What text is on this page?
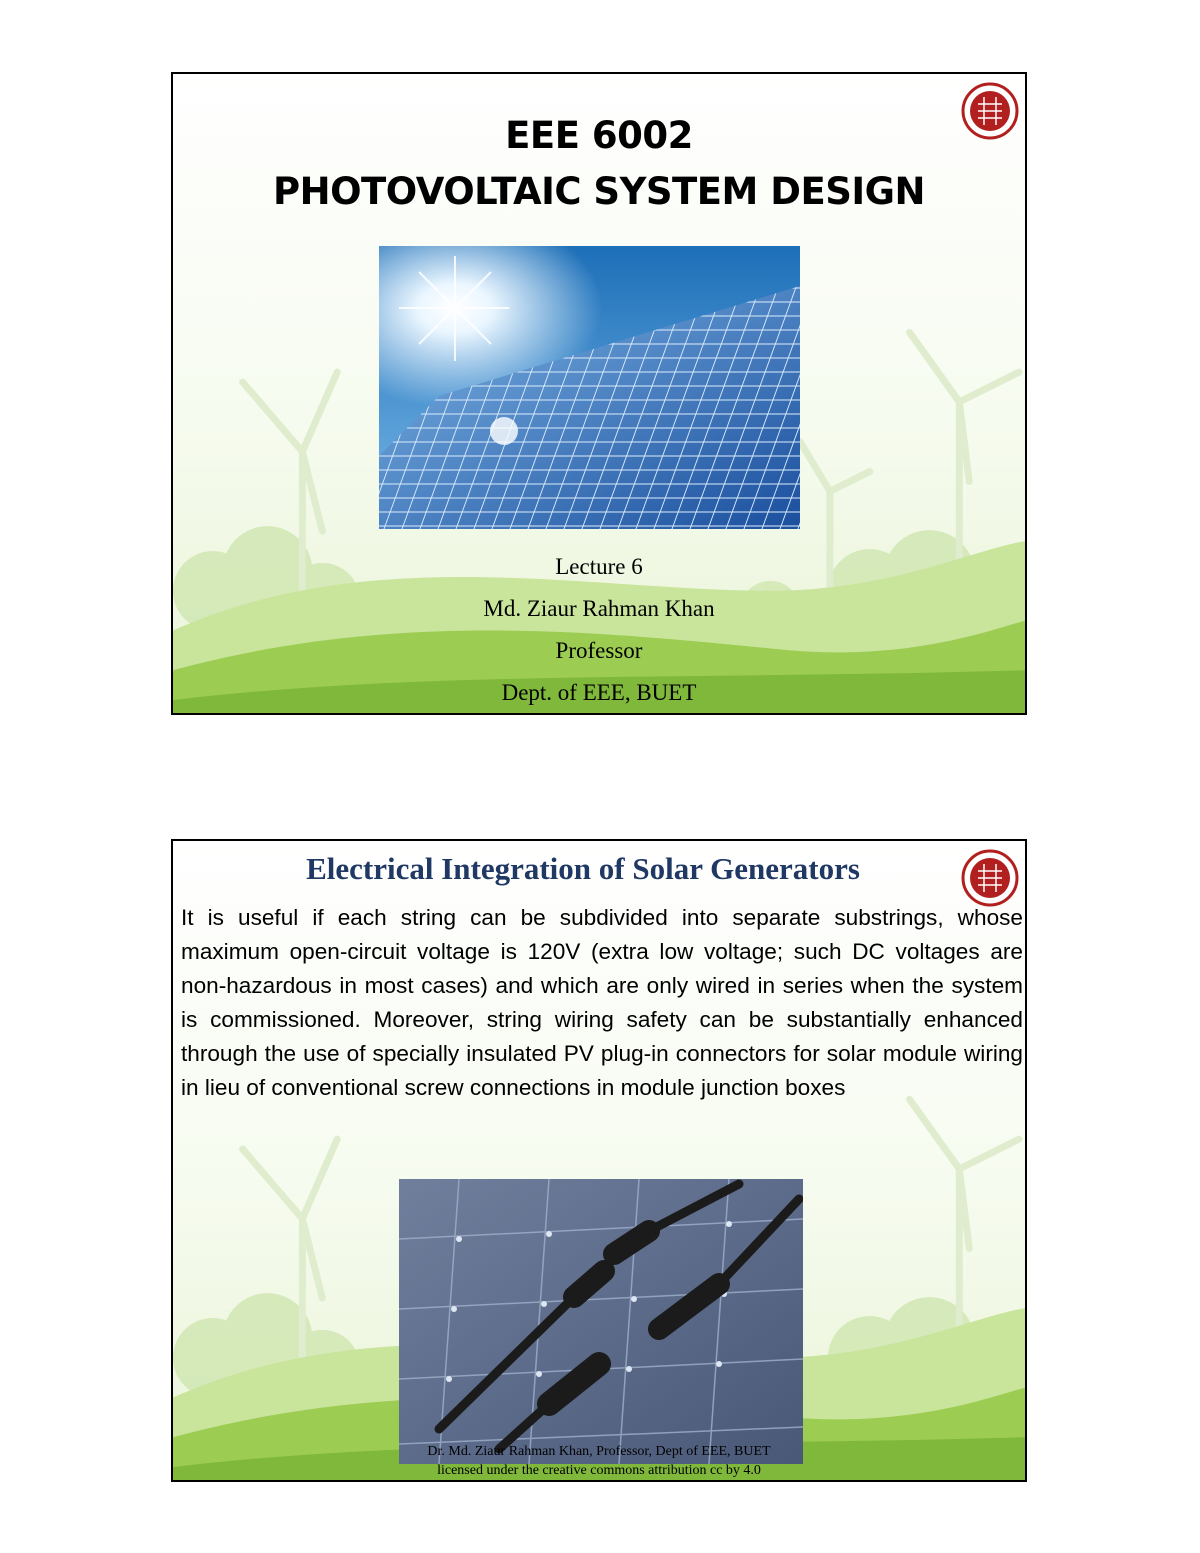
EEE 6002
PHOTOVOLTAIC SYSTEM DESIGN
Lecture 6
Md. Ziaur Rahman Khan
Professor
Dept. of EEE, BUET
Electrical Integration of Solar Generators
It is useful if each string can be subdivided into separate substrings, whose maximum open-circuit voltage is 120V (extra low voltage; such DC voltages are non-hazardous in most cases) and which are only wired in series when the system is commissioned. Moreover, string wiring safety can be substantially enhanced through the use of specially insulated PV plug-in connectors for solar module wiring in lieu of conventional screw connections in module junction boxes
Dr. Md. Ziaur Rahman Khan, Professor, Dept of EEE, BUET
licensed under the creative commons attribution cc by 4.0
